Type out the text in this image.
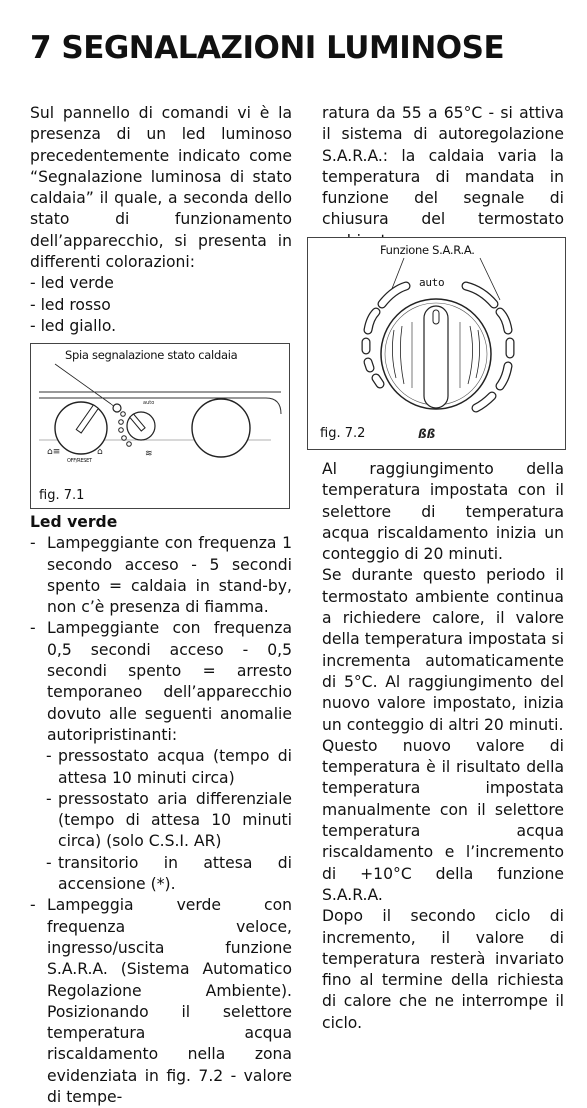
7 SEGNALAZIONI LUMINOSE

Sul pannello di comandi vi è la presenza di un led luminoso precedentemente indicato come “Segnalazione luminosa di stato caldaia” il quale, a seconda dello stato di funzionamento dell’apparecchio, si presenta in differenti colorazioni:

- led verde
- led rosso
- led giallo.
Spia segnalazione stato caldaia
⌂≡	⌂	≋
auto
OFF/RESET
fig. 7.1
Led verde
- Lampeggiante con frequenza 1 secondo acceso - 5 secondi spento = caldaia in stand-by, non c’è presenza di fiamma.
- Lampeggiante con frequenza 0,5 secondi acceso - 0,5 secondi spento = arresto temporaneo dell’apparecchio dovuto alle seguenti anomalie autoripristinanti:
- pressostato acqua (tempo di attesa 10 minuti circa)
- pressostato aria differenziale (tempo di attesa 10 minuti circa) (solo C.S.I. AR)
- transitorio in attesa di accensione (*).
- Lampeggia verde con frequenza veloce, ingresso/uscita funzione S.A.R.A. (Sistema Automatico Regolazione Ambiente). Posizionando il selettore temperatura acqua riscaldamento nella zona evidenziata in fig. 7.2 - valore di tempe-

ratura da 55 a 65°C - si attiva il sistema di autoregolazione S.A.R.A.: la caldaia varia la temperatura di mandata in funzione del segnale di chiusura del termostato

Funzione S.A.R.A.
ßß
auto
fig. 7.2

Al raggiungimento della temperatura impostata con il selettore di temperatura acqua riscaldamento inizia un conteggio di 20 minuti.

Se durante questo periodo il termostato ambiente continua a richiedere calore, il valore della temperatura impostata si incrementa automaticamente di 5°C. Al raggiungimento del nuovo valore impostato, inizia un conteggio di altri 20 minuti.

Questo nuovo valore di temperatura è il risultato della temperatura impostata manualmente con il selettore temperatura acqua riscaldamento e l’incremento di +10°C della funzione S.A.R.A.

Dopo il secondo ciclo di incremento, il valore di temperatura resterà invariato fino al termine della richiesta di calore che ne interrompe il ciclo.
